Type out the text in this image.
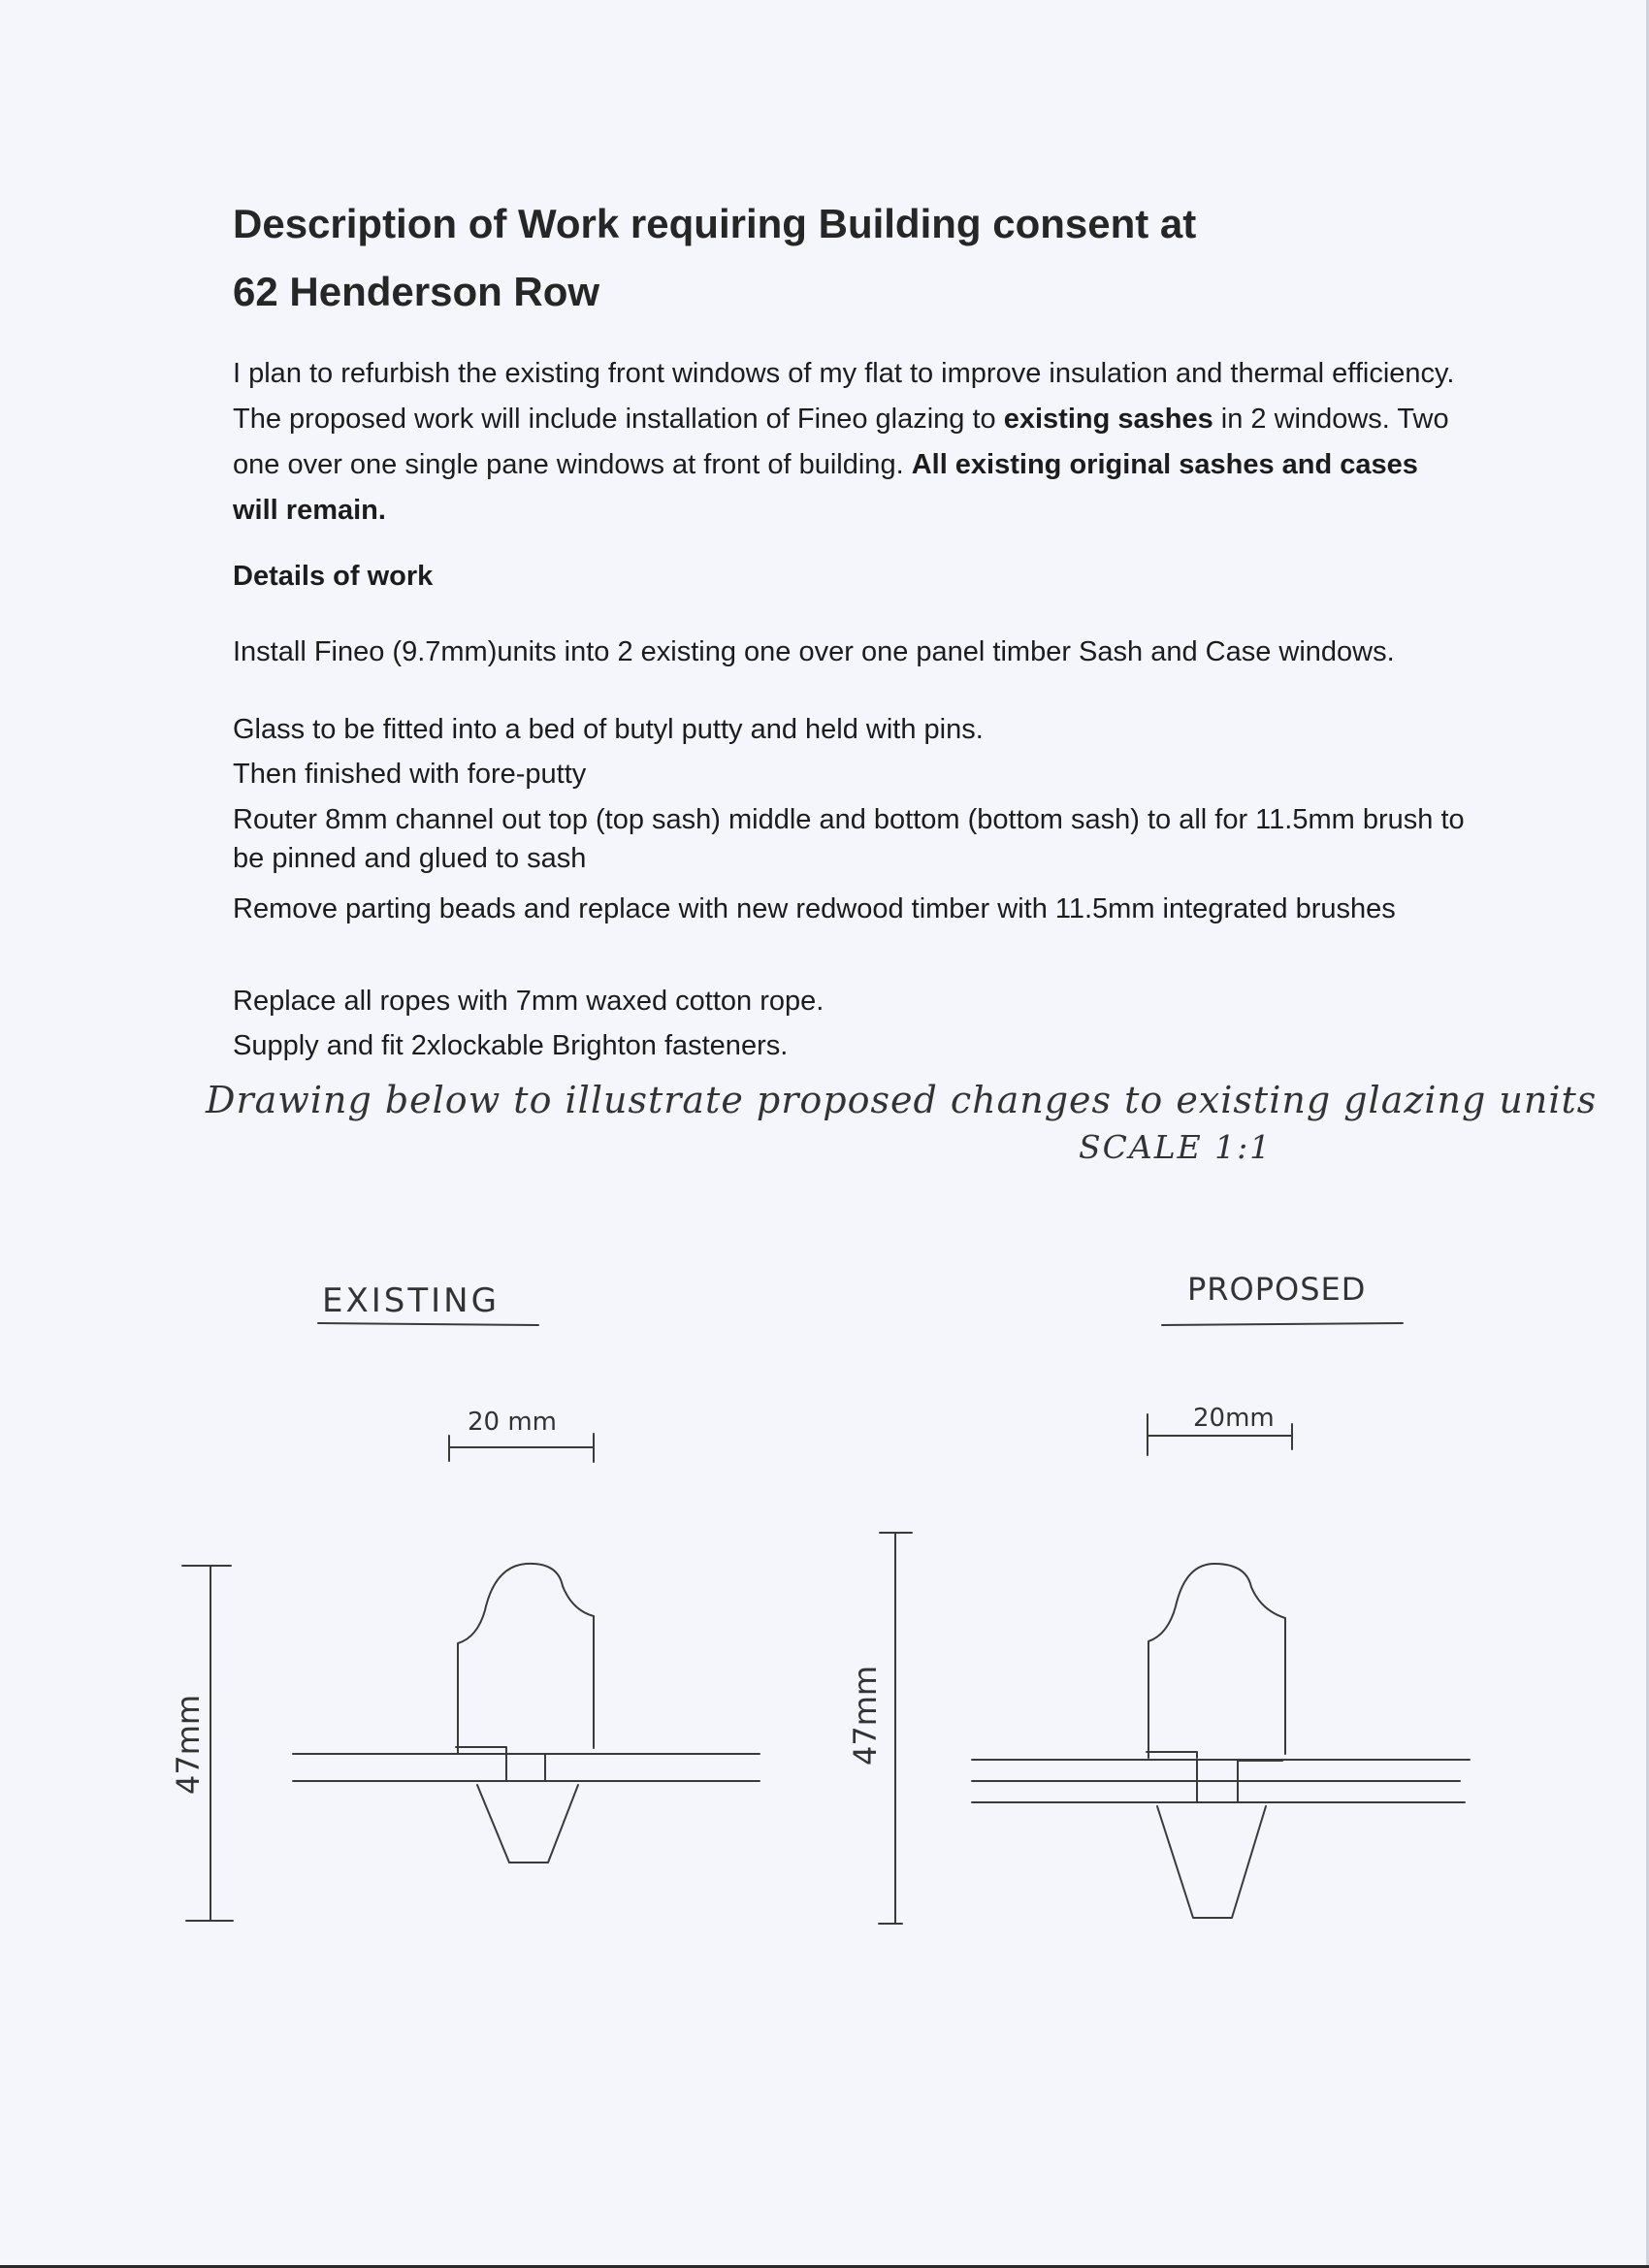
Description of Work requiring Building consent at
62 Henderson Row

I plan to refurbish the existing front windows of my flat to improve insulation and thermal efficiency. The proposed work will include installation of Fineo glazing to existing sashes in 2 windows. Two one over one single pane windows at front of building. All existing original sashes and cases will remain.

Details of work
Install Fineo (9.7mm)units into 2 existing one over one panel timber Sash and Case windows.
Glass to be fitted into a bed of butyl putty and held with pins.
Then finished with fore-putty
Router 8mm channel out top (top sash) middle and bottom (bottom sash) to all for 11.5mm brush to be pinned and glued to sash
Remove parting beads and replace with new redwood timber with 11.5mm integrated brushes
Replace all ropes with 7mm waxed cotton rope.
Supply and fit 2xlockable Brighton fasteners.
Drawing below to illustrate proposed changes to existing glazing units
SCALE 1:1
EXISTING	PROPOSED
20 mm	20mm
47mm	47mm
